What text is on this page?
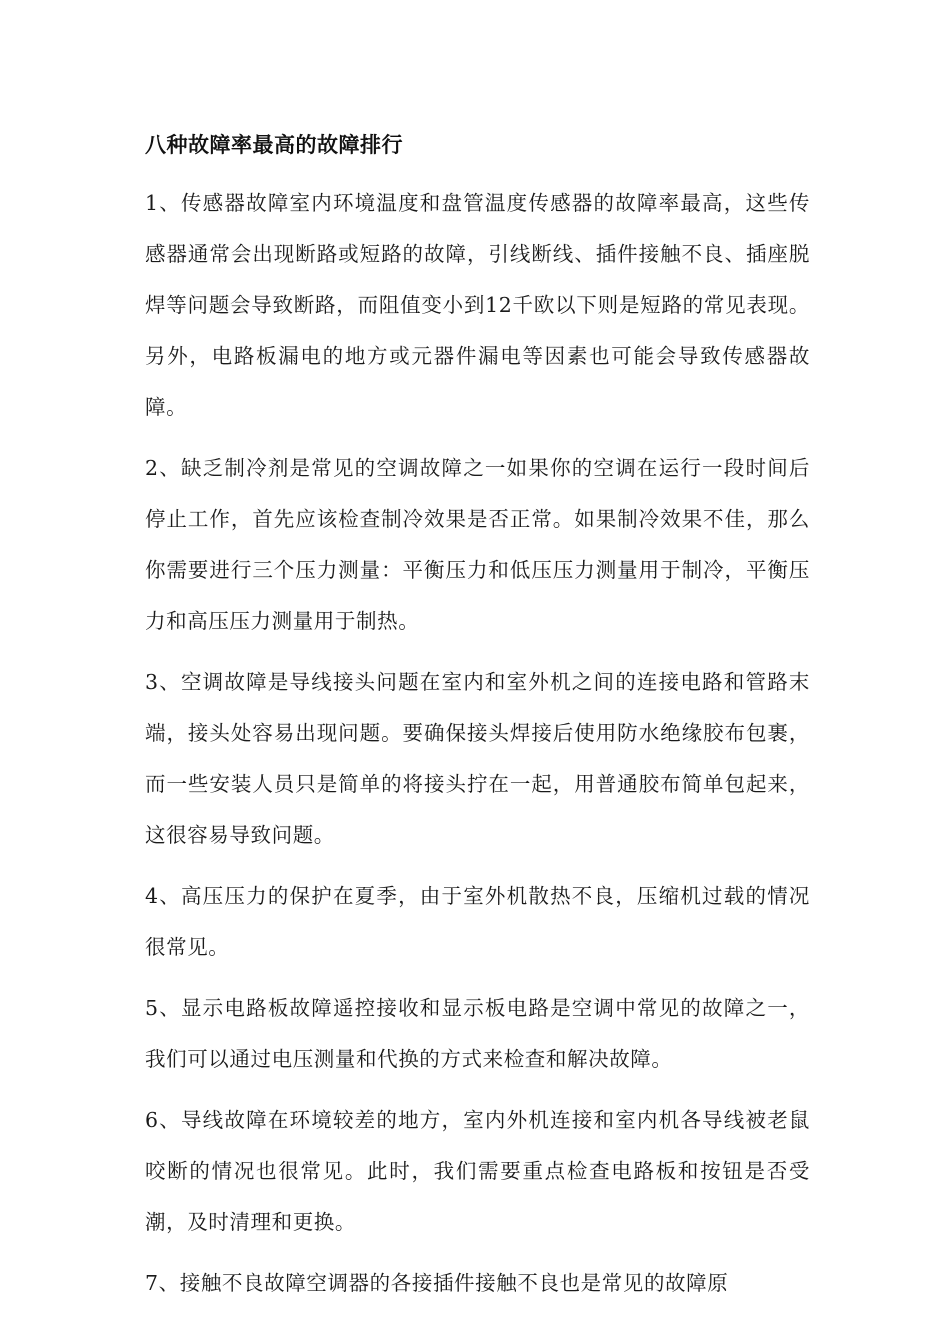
八种故障率最高的故障排行

1、传感器故障室内环境温度和盘管温度传感器的故障率最高，这些传感器通常会出现断路或短路的故障，引线断线、插件接触不良、插座脱焊等问题会导致断路，而阻值变小到12千欧以下则是短路的常见表现。另外，电路板漏电的地方或元器件漏电等因素也可能会导致传感器故障。

2、缺乏制冷剂是常见的空调故障之一如果你的空调在运行一段时间后停止工作，首先应该检查制冷效果是否正常。如果制冷效果不佳，那么你需要进行三个压力测量：平衡压力和低压压力测量用于制冷，平衡压力和高压压力测量用于制热。

3、空调故障是导线接头问题在室内和室外机之间的连接电路和管路末端，接头处容易出现问题。要确保接头焊接后使用防水绝缘胶布包裹，而一些安装人员只是简单的将接头拧在一起，用普通胶布简单包起来，这很容易导致问题。

4、高压压力的保护在夏季，由于室外机散热不良，压缩机过载的情况很常见。

5、显示电路板故障遥控接收和显示板电路是空调中常见的故障之一，我们可以通过电压测量和代换的方式来检查和解决故障。

6、导线故障在环境较差的地方，室内外机连接和室内机各导线被老鼠咬断的情况也很常见。此时，我们需要重点检查电路板和按钮是否受潮，及时清理和更换。

7、接触不良故障空调器的各接插件接触不良也是常见的故障原
